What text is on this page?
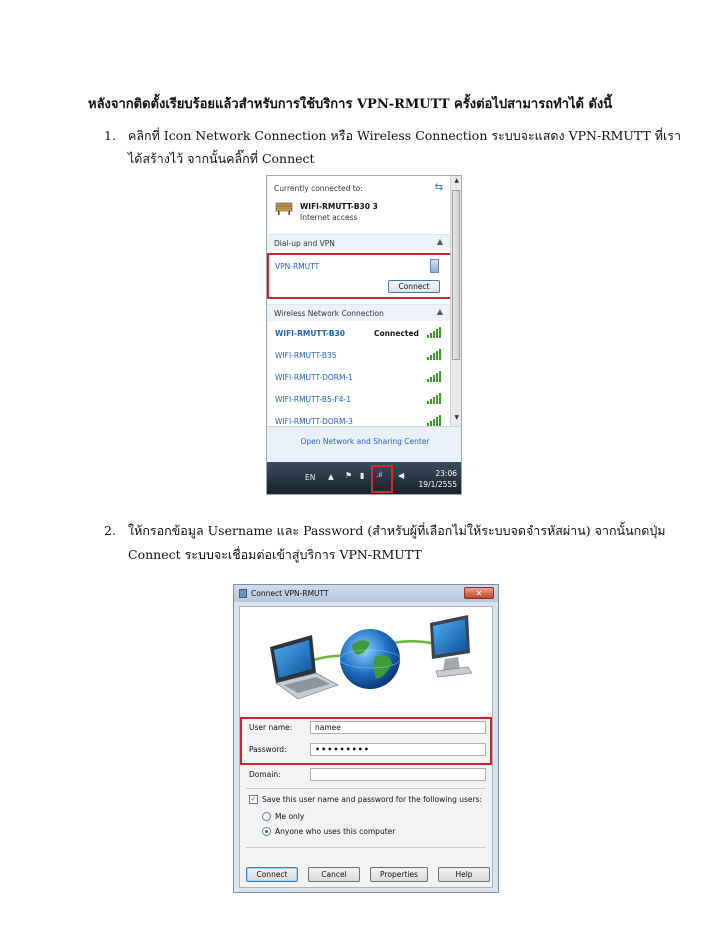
หลังจากติดตั้งเรียบร้อยแล้วสำหรับการใช้บริการ VPN-RMUTT ครั้งต่อไปสามารถทำได้ ดังนี้
1. คลิกที่ Icon Network Connection หรือ Wireless Connection ระบบจะแสดง VPN-RMUTT ที่เรา
ได้สร้างไว้ จากนั้นคลิ๊กที่ Connect
Currently connected to:	⇆
WIFI-RMUTT-B30 3
Internet access
Dial-up and VPN	▲
VPN-RMUTT
Connect
Wireless Network Connection	▲
WIFI-RMUTT-B30	Connected
WIFI-RMUTT-B35
WIFI-RMUTT-DORM-1
WIFI-RMUTT-B5-F4-1
WIFI-RMUTT-DORM-3
▲
▼
Open Network and Sharing Center
EN ▲ ⚑ ▮ .ıl ◀	23:06
19/1/2555
2. ให้กรอกข้อมูล Username และ Password (สำหรับผู้ที่เลือกไม่ให้ระบบจดจำรหัสผ่าน) จากนั้นกดปุ่ม
Connect ระบบจะเชื่อมต่อเข้าสู่บริการ VPN-RMUTT
Connect VPN-RMUTT	✕
User name:	namee
Password:	•••••••••
Domain:
✓ Save this user name and password for the following users:
Me only
Anyone who uses this computer
Connect	Cancel	Properties	Help
